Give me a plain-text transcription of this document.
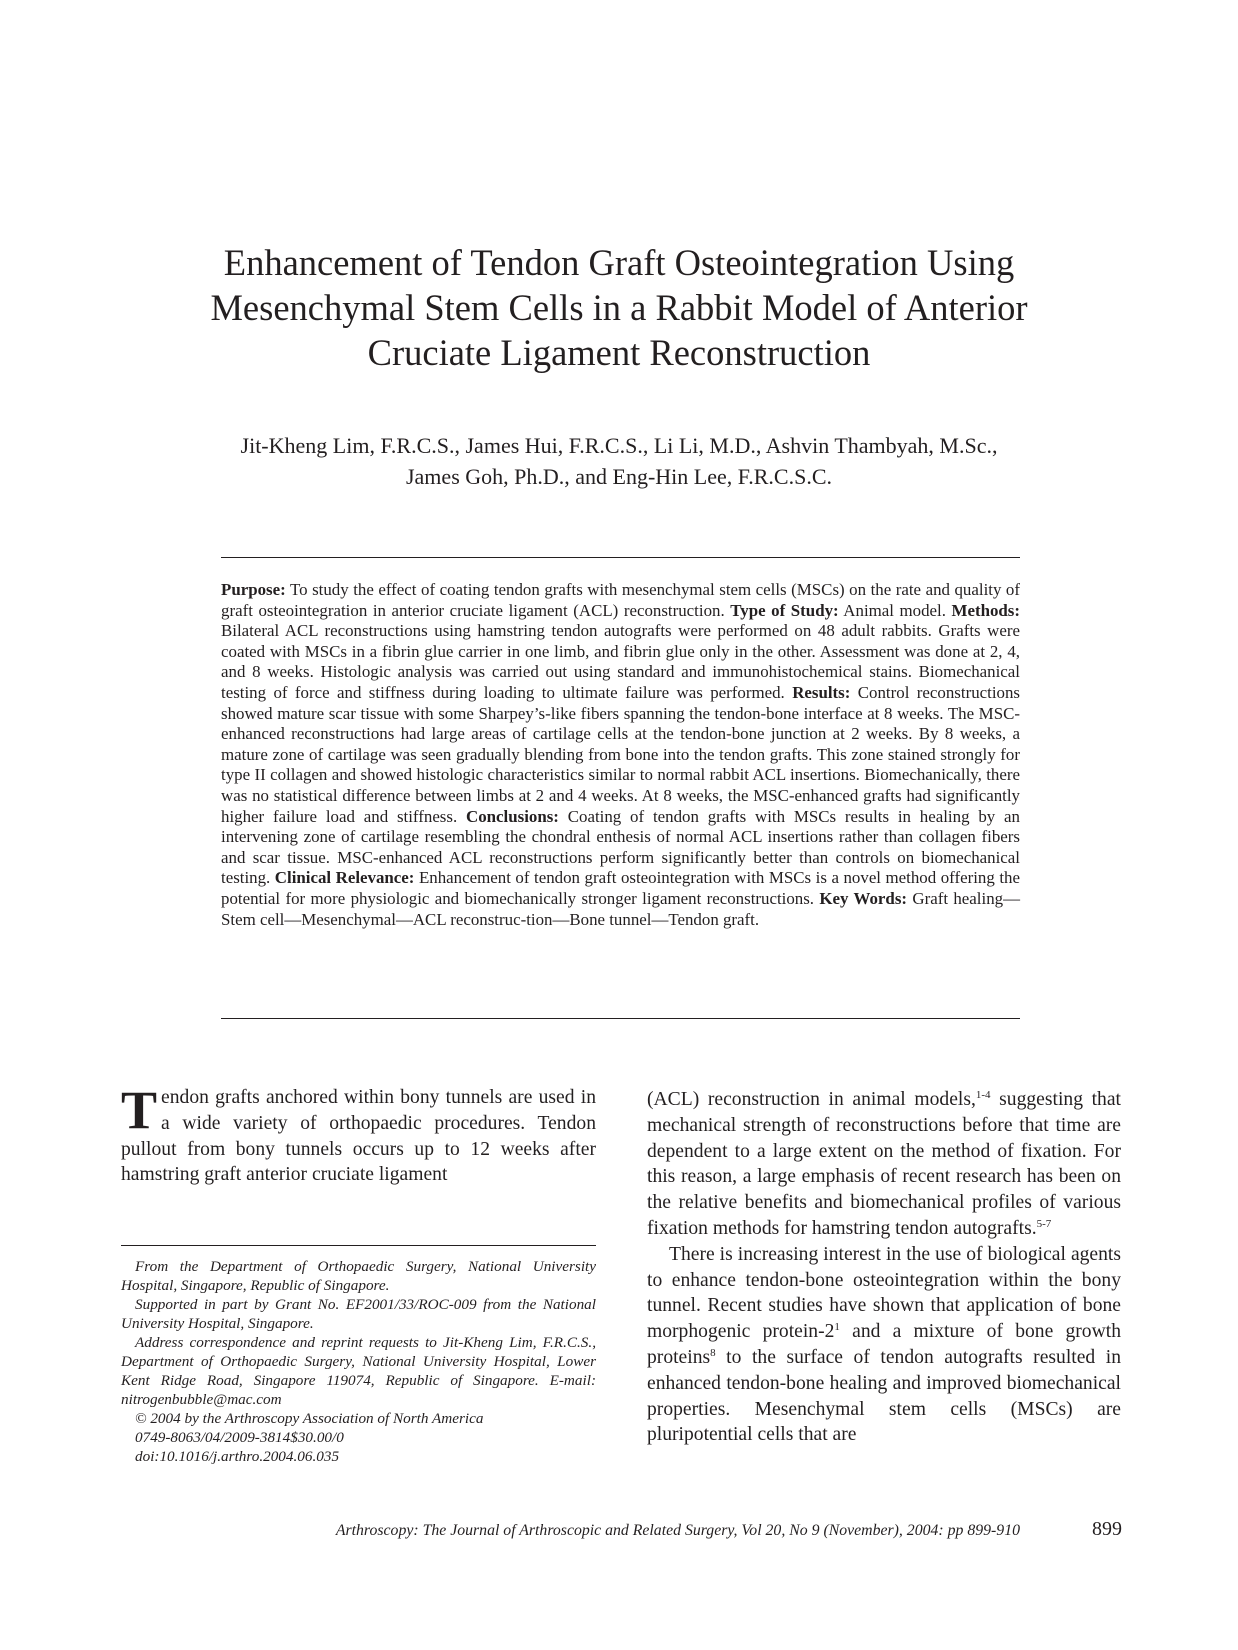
Enhancement of Tendon Graft Osteointegration Using
Mesenchymal Stem Cells in a Rabbit Model of Anterior
Cruciate Ligament Reconstruction
Jit-Kheng Lim, F.R.C.S., James Hui, F.R.C.S., Li Li, M.D., Ashvin Thambyah, M.Sc.,
James Goh, Ph.D., and Eng-Hin Lee, F.R.C.S.C.

Purpose: To study the effect of coating tendon grafts with mesenchymal stem cells (MSCs) on the rate and quality of graft osteointegration in anterior cruciate ligament (ACL) reconstruction. Type of Study: Animal model. Methods: Bilateral ACL reconstructions using hamstring tendon autografts were performed on 48 adult rabbits. Grafts were coated with MSCs in a fibrin glue carrier in one limb, and fibrin glue only in the other. Assessment was done at 2, 4, and 8 weeks. Histologic analysis was carried out using standard and immunohistochemical stains. Biomechanical testing of force and stiffness during loading to ultimate failure was performed. Results: Control reconstructions showed mature scar tissue with some Sharpey’s-like fibers spanning the tendon-bone interface at 8 weeks. The MSC-enhanced reconstructions had large areas of cartilage cells at the tendon-bone junction at 2 weeks. By 8 weeks, a mature zone of cartilage was seen gradually blending from bone into the tendon grafts. This zone stained strongly for type II collagen and showed histologic characteristics similar to normal rabbit ACL insertions. Biomechanically, there was no statistical difference between limbs at 2 and 4 weeks. At 8 weeks, the MSC-enhanced grafts had significantly higher failure load and stiffness. Conclusions: Coating of tendon grafts with MSCs results in healing by an intervening zone of cartilage resembling the chondral enthesis of normal ACL insertions rather than collagen fibers and scar tissue. MSC-enhanced ACL reconstructions perform significantly better than controls on biomechanical testing. Clinical Relevance: Enhancement of tendon graft osteointegration with MSCs is a novel method offering the potential for more physiologic and biomechanically stronger ligament reconstructions. Key Words: Graft healing—Stem cell—Mesenchymal—ACL reconstruc-tion—Bone tunnel—Tendon graft.

Tendon grafts anchored within bony tunnels are used in a wide variety of orthopaedic procedures. Tendon pullout from bony tunnels occurs up to 12 weeks after hamstring graft anterior cruciate ligament

From the Department of Orthopaedic Surgery, National University Hospital, Singapore, Republic of Singapore.

Supported in part by Grant No. EF2001/33/ROC-009 from the National University Hospital, Singapore.

Address correspondence and reprint requests to Jit-Kheng Lim, F.R.C.S., Department of Orthopaedic Surgery, National University Hospital, Lower Kent Ridge Road, Singapore 119074, Republic of Singapore. E-mail: nitrogenbubble@mac.com

© 2004 by the Arthroscopy Association of North America

0749-8063/04/2009-3814$30.00/0

doi:10.1016/j.arthro.2004.06.035

(ACL) reconstruction in animal models,$^{1-4}$ suggesting that mechanical strength of reconstructions before that time are dependent to a large extent on the method of fixation. For this reason, a large emphasis of recent research has been on the relative benefits and biomechanical profiles of various fixation methods for hamstring tendon autografts.$^{5-7}$

There is increasing interest in the use of biological agents to enhance tendon-bone osteointegration within the bony tunnel. Recent studies have shown that application of bone morphogenic protein-$2^1$ and a mixture of bone growth proteins$^8$ to the surface of tendon autografts resulted in enhanced tendon-bone healing and improved biomechanical properties. Mesenchymal stem cells (MSCs) are pluripotential cells that are

Arthroscopy: The Journal of Arthroscopic and Related Surgery, Vol 20, No 9 (November), 2004: pp 899-910	899
